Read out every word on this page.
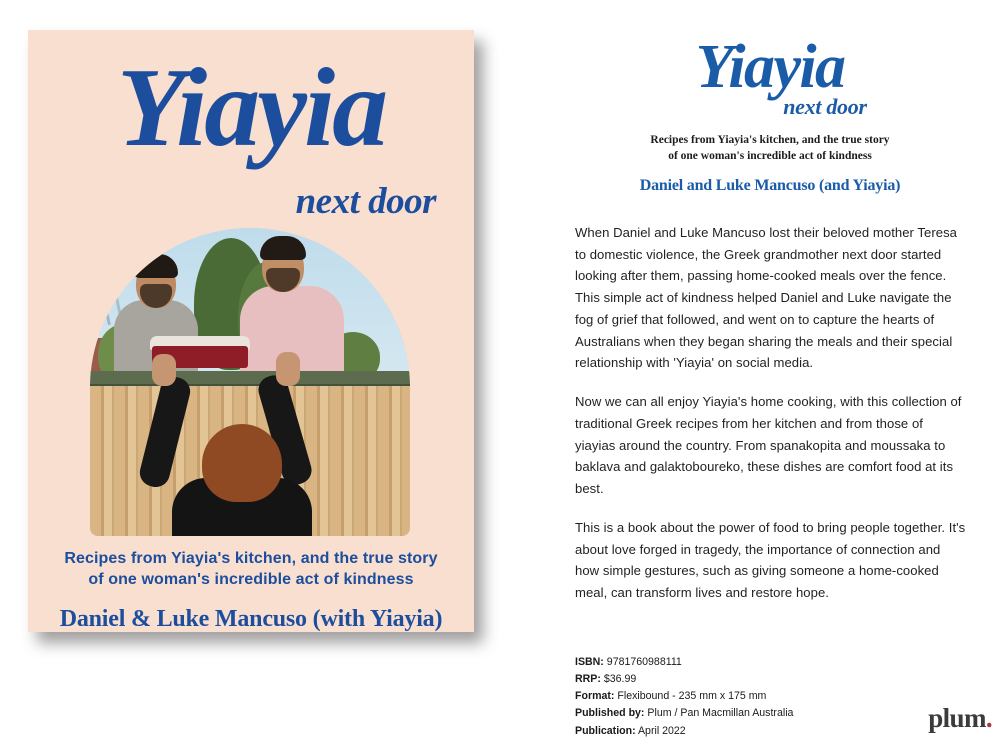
Yiayia
next door
Recipes from Yiayia's kitchen, and the true story
of one woman's incredible act of kindness
Daniel & Luke Mancuso (with Yiayia)
Yiayia
next door
Recipes from Yiayia's kitchen, and the true story
of one woman's incredible act of kindness
Daniel and Luke Mancuso (and Yiayia)

When Daniel and Luke Mancuso lost their beloved mother Teresa to domestic violence, the Greek grandmother next door started looking after them, passing home-cooked meals over the fence. This simple act of kindness helped Daniel and Luke navigate the fog of grief that followed, and went on to capture the hearts of Australians when they began sharing the meals and their special relationship with 'Yiayia' on social media.

Now we can all enjoy Yiayia's home cooking, with this collection of traditional Greek recipes from her kitchen and from those of yiayias around the country. From spanakopita and moussaka to baklava and galaktoboureko, these dishes are comfort food at its best.

This is a book about the power of food to bring people together. It's about love forged in tragedy, the importance of connection and how simple gestures, such as giving someone a home-cooked meal, can transform lives and restore hope.

ISBN: 9781760988111
RRP: $36.99
Format: Flexibound - 235 mm x 175 mm
Published by: Plum / Pan Macmillan Australia
Publication: April 2022	plum.
